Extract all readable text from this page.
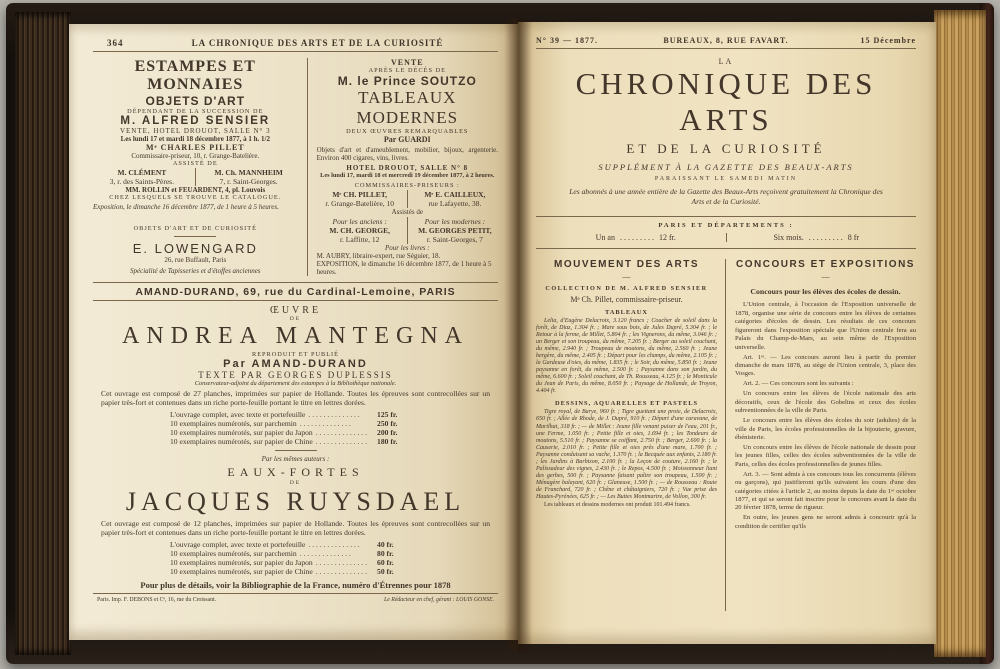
364	LA CHRONIQUE DES ARTS ET DE LA CURIOSITÉ
ESTAMPES ET MONNAIES
OBJETS D'ART
DÉPENDANT DE LA SUCCESSION DE
M. ALFRED SENSIER
VENTE, HOTEL DROUOT, SALLE N° 3
Les lundi 17 et mardi 18 décembre 1877, à 1 h. 1/2
Mᵉ CHARLES PILLET
Commissaire-priseur, 10, r. Grange-Batelière.
ASSISTÉ DE
M. CLÉMENT
3, r. des Saints-Pères.
M. Ch. MANNHEIM
7, r. Saint-Georges.
MM. ROLLIN et FEUARDENT, 4, pl. Louvois
CHEZ LESQUELS SE TROUVE LE CATALOGUE.
Exposition, le dimanche 16 décembre 1877, de 1 heure à 5 heures.
OBJETS D'ART ET DE CURIOSITÉ
E. LOWENGARD
26, rue Buffault, Paris
Spécialité de Tapisseries et d'étoffes anciennes
VENTE
APRÈS LE DÉCÈS DE
M. le Prince SOUTZO
TABLEAUX MODERNES
DEUX ŒUVRES REMARQUABLES
Par GUARDI
Objets d'art et d'ameublement, mobilier, bijoux, argenterie. Environ 400 cigares, vins, livres.
HOTEL DROUOT, SALLE N° 8
Les lundi 17, mardi 18 et mercredi 19 décembre 1877, à 2 heures.
COMMISSAIRES-PRISEURS :
Mᵉ CH. PILLET,
r. Grange-Batelière, 10
Mᵉ E. CAILLEUX,
rue Lafayette, 38.
Assistés de
Pour les anciens :
M. CH. GEORGE,
r. Laffitte, 12
Pour les modernes :
M. GEORGES PETIT,
r. Saint-Georges, 7
Pour les livres :
M. AUBRY, libraire-expert, rue Séguier, 18.
EXPOSITION, le dimanche 16 décembre 1877, de 1 heure à 5 heures.
AMAND-DURAND, 69, rue du Cardinal-Lemoine, PARIS
ŒUVRE
DE
ANDREA MANTEGNA
REPRODUIT ET PUBLIÉ
Par AMAND-DURAND
TEXTE PAR GEORGES DUPLESSIS
Conservateur-adjoint du département des estampes à la Bibliothèque nationale.
Cet ouvrage est composé de 27 planches, imprimées sur papier de Hollande. Toutes les épreuves sont contrecollées sur un papier très-fort et contenues dans un riche porte-feuille portant le titre en lettres dorées.
L'ouvrage complet, avec texte et portefeuille . . . . . . . . . . . . . .	125 fr.
10 exemplaires numérotés, sur parchemin . . . . . . . . . . . . . .	250 fr.
10 exemplaires numérotés, sur papier du Japon . . . . . . . . . . . . . .	200 fr.
10 exemplaires numérotés, sur papier de Chine . . . . . . . . . . . . . .	180 fr.
Par les mêmes auteurs :
EAUX-FORTES
DE
JACQUES RUYSDAEL
Cet ouvrage est composé de 12 planches, imprimées sur papier de Hollande. Toutes les épreuves sont contrecollées sur un papier très-fort et contenues dans un riche porte-feuille portant le titre en lettres dorées.
L'ouvrage complet, avec texte et portefeuille . . . . . . . . . . . . . .	40 fr.
10 exemplaires numérotés, sur parchemin . . . . . . . . . . . . . .	80 fr.
10 exemplaires numérotés, sur papier du Japon . . . . . . . . . . . . . .	60 fr.
10 exemplaires numérotés, sur papier de Chine . . . . . . . . . . . . . .	50 fr.
Pour plus de détails, voir la Bibliographie de la France, numéro d'Étrennes pour 1878
Paris. Imp. F. DEBONS et Cᵉ, 16, rue du Croissant.	Le Rédacteur en chef, gérant : LOUIS GONSE.
N° 39 — 1877.	BUREAUX, 8, RUE FAVART.	15 Décembre
LA
CHRONIQUE DES ARTS
ET DE LA CURIOSITÉ
SUPPLÉMENT À LA GAZETTE DES BEAUX-ARTS
PARAISSANT LE SAMEDI MATIN
Les abonnés à une année entière de la Gazette des Beaux-Arts reçoivent gratuitement la Chronique des Arts et de la Curiosité.
PARIS ET DÉPARTEMENTS :
Un an . . . . . . . . . 12 fr.	Six mois. . . . . . . . . . 8 fr
MOUVEMENT DES ARTS
—
COLLECTION DE M. ALFRED SENSIER
Mᵉ Ch. Pillet, commissaire-priseur.
TABLEAUX

Lelia, d'Eugène Delacroix, 3.120 francs ; Coucher de soleil dans la forêt, de Diaz, 1.304 fr. ; Mare sous bois, de Jules Dupré, 5.304 fr. ; le Retour à la ferme, de Millet, 5.804 fr. ; les Vignerons, du même, 3.046 fr. ; un Berger et son troupeau, du même, 7.205 fr. ; Berger au soleil couchant, du même, 2.940 fr. ; Troupeau de moutons, du même, 2.560 fr. ; Jeune bergère, du même, 2.405 fr. ; Départ pour les champs, du même, 2.105 fr. ; la Gardeuse d'oies, du même, 1.835 fr. ; le Soir, du même, 5.850 fr. ; Jeune paysanne en forêt, du même, 2.500 fr. ; Paysanne dans son jardin, du même, 6.600 fr. ; Soleil couchant, de Th. Rousseau, 4.125 fr. ; le Monticule du Jean de Paris, du même, 8.050 fr. ; Paysage de Hollande, de Troyon, 4.404 fr.

DESSINS, AQUARELLES ET PASTELS

Tigre royal, de Barye, 960 fr. ; Tigre guettant une proie, de Delacroix, 650 fr. ; Allée de Rhode, de J. Dupré, 910 fr. ; Départ d'une caravane, de Marilhat, 318 fr. ; — de Millet : Jeune fille venant puiser de l'eau, 201 fr., une Ferme, 1.050 fr. ; Petite fille et oies, 1.694 fr. ; les Tondeurs de moutons, 5.510 fr. ; Paysanne se coiffant, 2.750 fr. ; Berger, 2.600 fr. ; la Causerie, 2.010 fr. ; Petite fille et oies près d'une mare, 1.700 fr. ; Paysanne conduisant sa vache, 1.370 fr. ; la Becquée aux enfants, 2.180 fr. ; les Jardins à Barbizon, 2.100 fr. ; la Leçon de couture, 2.160 fr. ; le Palissadeur des vignes, 2.430 fr. ; le Repos, 4.500 fr. ; Moissonneur liant des gerbes, 500 fr. ; Paysanne faisant paître son troupeau, 1.500 fr. ; Ménagère balayant, 620 fr. ; Glaneuse, 1.500 fr. ; — de Rousseau : Route de Franchard, 720 fr. ; Chêne et châtaigniers, 720 fr. ; Vue prise des Hautes-Pyrénées, 625 fr. ; — Les Buttes Montmartre, de Vollon, 300 fr.

Les tableaux et dessins modernes ont produit 101.494 francs.

CONCOURS ET EXPOSITIONS
—
Concours pour les élèves des écoles de dessin.

L'Union centrale, à l'occasion de l'Exposition universelle de 1878, organise une série de concours entre les élèves de certaines catégories d'écoles de dessin. Les résultats de ces concours figureront dans l'exposition spéciale que l'Union centrale fera au Palais du Champ-de-Mars, au sein même de l'Exposition universelle.

Art. 1ᵉʳ. — Les concours auront lieu à partir du premier dimanche de mars 1878, au siège de l'Union centrale, 3, place des Vosges.

Art. 2. — Ces concours sont les suivants :

Un concours entre les élèves de l'école nationale des arts décoratifs, ceux de l'école des Gobelins et ceux des écoles subventionnées de la ville de Paris.

Le concours entre les élèves des écoles du soir (adultes) de la ville de Paris, les écoles professionnelles de la bijouterie, gravure, ébénisterie.

Un concours entre les élèves de l'école nationale de dessin pour les jeunes filles, celles des écoles subventionnées de la ville de Paris, celles des écoles professionnelles de jeunes filles.

Art. 3. — Sont admis à ces concours tous les concurrents (élèves ou garçons), qui justifieront qu'ils suivaient les cours d'une des catégories citées à l'article 2, au moins depuis la date du 1ᵉʳ octobre 1877, et qui se seront fait inscrire pour le concours avant la date du 20 février 1878, terme de rigueur.

En outre, les jeunes gens ne seront admis à concourir qu'à la condition de certifier qu'ils
